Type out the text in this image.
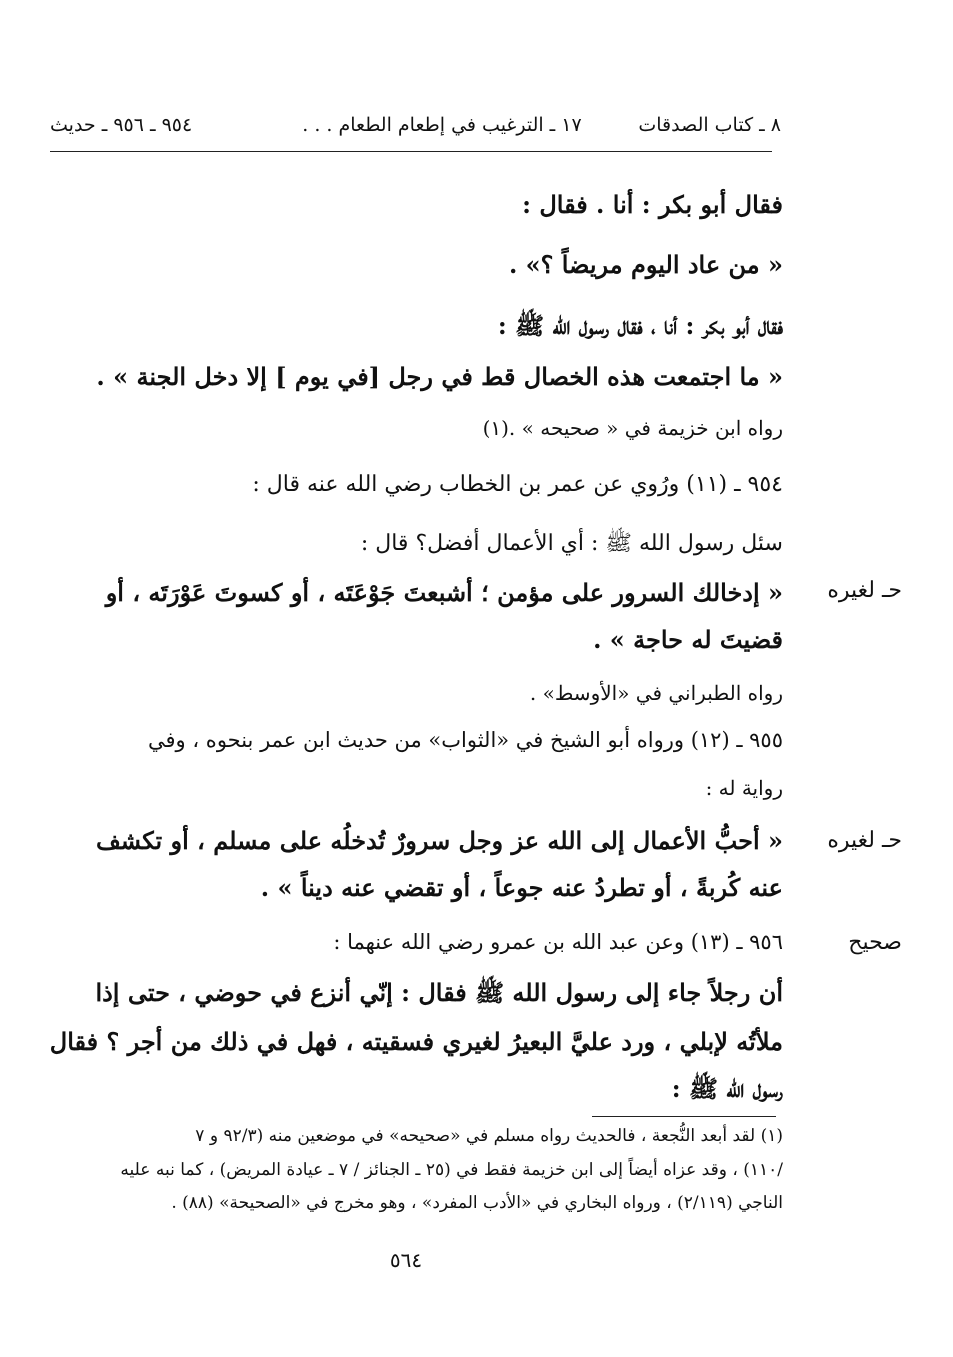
٨ ـ كتاب الصدقات
١٧ ـ الترغيب في إطعام الطعام . . .
٩٥٤ ـ ٩٥٦ ـ حديث
فقال أبو بكر : أنا . فقال :
« من عاد اليوم مريضاً ؟» .
فقال أبو بكر : أنا ، فقال رسول الله ﷺ :
« ما اجتمعت هذه الخصال قط في رجل [في يوم ] إلا دخل الجنة » .
رواه ابن خزيمة في « صحيحه » .(١)
٩٥٤ ـ (١١) ورُوي عن عمر بن الخطاب رضي الله عنه قال :
سئل رسول الله ﷺ : أي الأعمال أفضل؟ قال :
« إدخالك السرور على مؤمن ؛ أشبعتَ جَوْعَتَه ، أو كسوتَ عَوْرَتَه ، أو
قضيتَ له حاجة » .
رواه الطبراني في «الأوسط» .
٩٥٥ ـ (١٢) ورواه أبو الشيخ في «الثواب» من حديث ابن عمر بنحوه ، وفي
رواية له :
« أحبُّ الأعمال إلى الله عز وجل سرورٌ تُدخلُه على مسلم ، أو تكشف
عنه كُربةً ، أو تطردُ عنه جوعاً ، أو تقضي عنه ديناً » .
٩٥٦ ـ (١٣) وعن عبد الله بن عمرو رضي الله عنهما :
أن رجلاً جاء إلى رسول الله ﷺ فقال : إنّي أنزع في حوضي ، حتى إذا
ملأتُه لإبلي ، ورد عليَّ البعيرُ لغيري فسقيته ، فهل في ذلك من أجر ؟ فقال
رسول الله ﷺ :
حـ لغيره
حـ لغيره
صحيح
(١) لقد أبعد النُّجعة ، فالحديث رواه مسلم في «صحيحه» في موضعين منه (٩٢/٣ و ٧
/١١٠) ، وقد عزاه أيضاً إلى ابن خزيمة فقط في (٢٥ ـ الجنائز / ٧ ـ عيادة المريض) ، كما نبه عليه
الناجي (٢/١١٩) ، ورواه البخاري في «الأدب المفرد» ، وهو مخرج في «الصحيحة» (٨٨) .
٥٦٤
